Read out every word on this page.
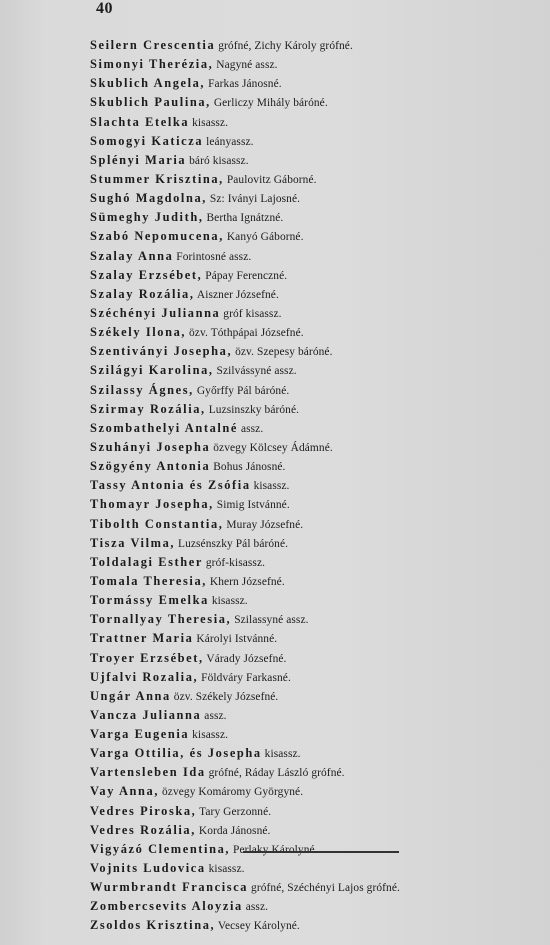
40
Seilern Crescentia grófné, Zichy Károly grófné.
Simonyi Therézia, Nagyné assz.
Skublich Angela, Farkas Jánosné.
Skublich Paulina, Gerliczy Mihály báróné.
Slachta Etelka kisassz.
Somogyi Katicza leányassz.
Splényi Maria báró kisassz.
Stummer Krisztina, Paulovitz Gáborné.
Sughó Magdolna, Sz: Iványi Lajosné.
Sümeghy Judith, Bertha Ignátzné.
Szabó Nepomucena, Kanyó Gáborné.
Szalay Anna Forintosné assz.
Szalay Erzsébet, Pápay Ferenczné.
Szalay Rozália, Aiszner Józsefné.
Széchényi Julianna gróf kisassz.
Székely Ilona, özv. Tóthpápai Józsefné.
Szentiványi Josepha, özv. Szepesy báróné.
Szilágyi Karolina, Szilvássyné assz.
Szilassy Ágnes, Győrffy Pál báróné.
Szirmay Rozália, Luzsinszky báróné.
Szombathelyi Antalné assz.
Szuhányi Josepha özvegy Kölcsey Ádámné.
Szögyény Antonia Bohus Jánosné.
Tassy Antonia és Zsófia kisassz.
Thomayr Josepha, Simig Istvánné.
Tibolth Constantia, Muray Józsefné.
Tisza Vilma, Luzsénszky Pál báróné.
Toldalagi Esther gróf-kisassz.
Tomala Theresia, Khern Józsefné.
Tormássy Emelka kisassz.
Tornallyay Theresia, Szilassyné assz.
Trattner Maria Károlyi Istvánné.
Troyer Erzsébet, Várady Józsefné.
Ujfalvi Rozalia, Földváry Farkasné.
Ungár Anna özv. Székely Józsefné.
Vancza Julianna assz.
Varga Eugenia kisassz.
Varga Ottilia, és Josepha kisassz.
Vartensleben Ida grófné, Ráday László grófné.
Vay Anna, özvegy Komáromy Györgyné.
Vedres Piroska, Tary Gerzonné.
Vedres Rozália, Korda Jánosné.
Vigyázó Clementina, Perlaky Károlyné.
Vojnits Ludovica kisassz.
Wurmbrandt Francisca grófné, Széchényi Lajos grófné.
Zombercsevits Aloyzia assz.
Zsoldos Krisztina, Vecsey Károlyné.
